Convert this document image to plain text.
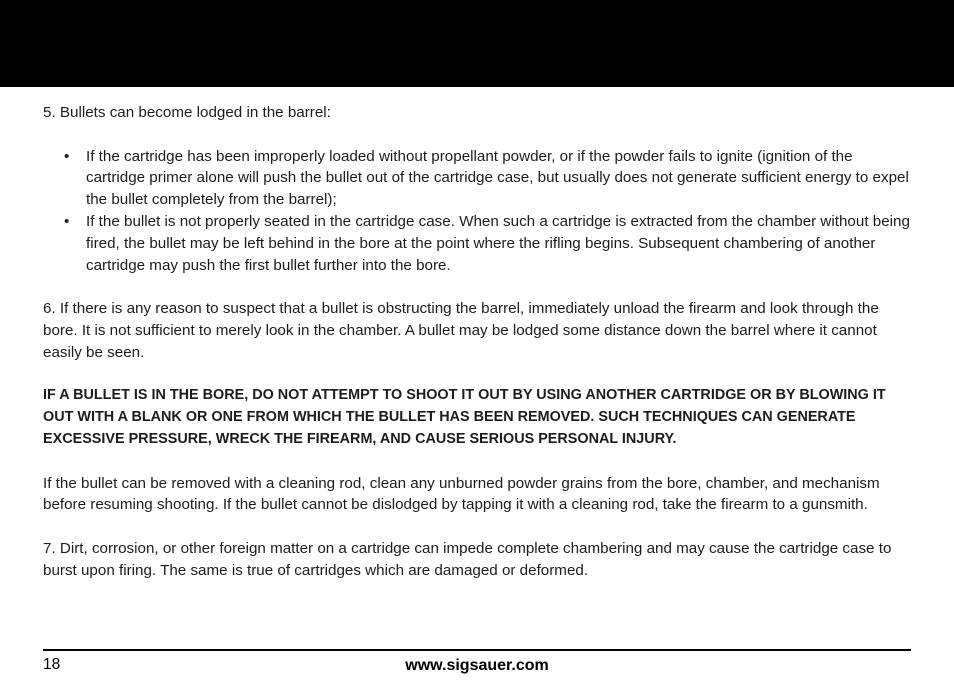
5. Bullets can become lodged in the barrel:

• If the cartridge has been improperly loaded without propellant powder, or if the powder fails to ignite (ignition of the cartridge primer alone will push the bullet out of the cartridge case, but usually does not generate sufficient energy to expel the bullet completely from the barrel);
• If the bullet is not properly seated in the cartridge case. When such a cartridge is extracted from the chamber without being fired, the bullet may be left behind in the bore at the point where the rifling begins. Subsequent chambering of another cartridge may push the first bullet further into the bore.

6. If there is any reason to suspect that a bullet is obstructing the barrel, immediately unload the firearm and look through the bore. It is not sufficient to merely look in the chamber. A bullet may be lodged some distance down the barrel where it cannot easily be seen.

IF A BULLET IS IN THE BORE, DO NOT ATTEMPT TO SHOOT IT OUT BY USING ANOTHER CARTRIDGE OR BY BLOWING IT OUT WITH A BLANK OR ONE FROM WHICH THE BULLET HAS BEEN REMOVED. SUCH TECHNIQUES CAN GENERATE EXCESSIVE PRESSURE, WRECK THE FIREARM, AND CAUSE SERIOUS PERSONAL INJURY.

If the bullet can be removed with a cleaning rod, clean any unburned powder grains from the bore, chamber, and mechanism before resuming shooting. If the bullet cannot be dislodged by tapping it with a cleaning rod, take the firearm to a gunsmith.

7. Dirt, corrosion, or other foreign matter on a cartridge can impede complete chambering and may cause the cartridge case to burst upon firing. The same is true of cartridges which are damaged or deformed.

18	www.sigsauer.com
